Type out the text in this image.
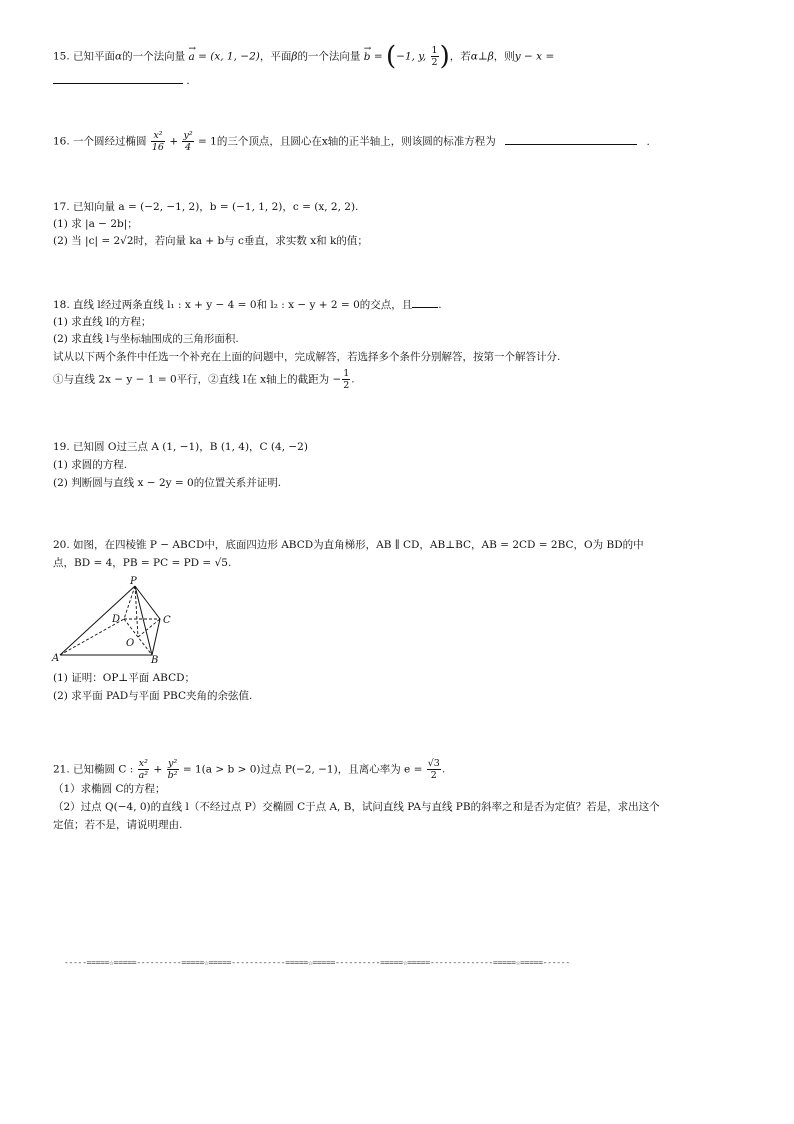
15. 已知平面α的一个法向量 a
→
= (x, 1, −2)，平面β的一个法向量 b
→
= (−1, y, $\frac{1}{2}$ )，若α⊥β，则y − x =
.
16. 一个圆经过椭圆 $\frac{\text{x²}}{16} + \frac{\text{y²}}{4} = 1$的三个顶点，且圆心在x轴的正半轴上，则该圆的标准方程为	.
17. 已知向量 a = (−2, −1, 2)，b = (−1, 1, 2)，c = (x, 2, 2).
(1) 求 |a − 2b|；
(2) 当 |c| = 2√2时，若向量 ka + b与 c垂直，求实数 x和 k的值；
18. 直线 l经过两条直线 l₁ : x + y − 4 = 0和 l₂ : x − y + 2 = 0的交点，且 .
(1) 求直线 l的方程；
(2) 求直线 l与坐标轴围成的三角形面积.
试从以下两个条件中任选一个补充在上面的问题中，完成解答，若选择多个条件分别解答，按第一个解答计分.
①与直线 2x − y − 1 = 0平行，②直线 l在 x轴上的截距为 − $\frac{1}{2}$ .
19. 已知圆 O过三点 A (1, −1)，B (1, 4)，C (4, −2)
(1) 求圆的方程.
(2) 判断圆与直线 x − 2y = 0的位置关系并证明.
20. 如图，在四棱锥 P − ABCD中，底面四边形 ABCD为直角梯形，AB ∥ CD，AB⊥BC，AB = 2CD = 2BC，O为 BD的中
点，BD = 4，PB = PC = PD = √5.
P
D	C
O
A	B
(1) 证明：OP⊥平面 ABCD；
(2) 求平面 PAD与平面 PBC夹角的余弦值.
21. 已知椭圆 C : $\frac{\text{x²}}{\text{a²}} + \frac{\text{y²}}{\text{b²}} = 1(a > b > 0)$过点 P(−2, −1)，且离心率为 $e = \frac{√3}{2}$ .
（1）求椭圆 C的方程；
（2）过点 Q(−4, 0)的直线 l（不经过点 P）交椭圆 C于点 A, B，试问直线 PA与直线 PB的斜率之和是否为定值？若是，求出这个
定值；若不是，请说明理由.
-----=====☆=====----------=====☆=====------------=====☆=====----------=====☆=====--------------=====☆=====------
